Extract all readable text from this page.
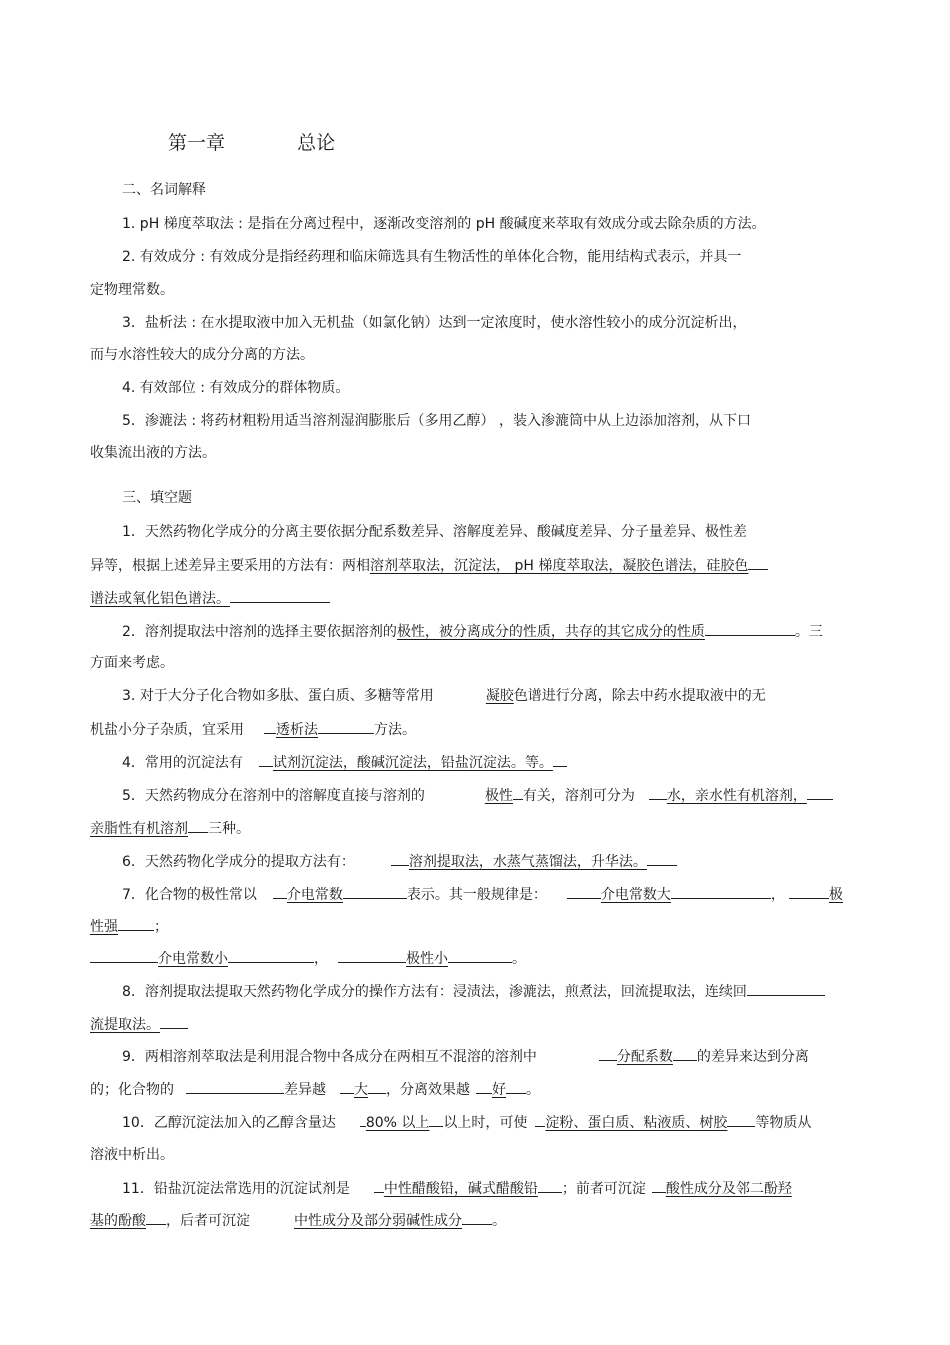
第一章	总论
二、名词解释
1. pH 梯度萃取法 : 是指在分离过程中，逐渐改变溶剂的 pH 酸碱度来萃取有效成分或去除杂质的方法。
2. 有效成分 : 有效成分是指经药理和临床筛选具有生物活性的单体化合物，能用结构式表示，并具一
定物理常数。
3．盐析法 : 在水提取液中加入无机盐（如氯化钠）达到一定浓度时，使水溶性较小的成分沉淀析出，
而与水溶性较大的成分分离的方法。
4. 有效部位 : 有效成分的群体物质。
5．渗漉法 : 将药材粗粉用适当溶剂湿润膨胀后（多用乙醇） ，装入渗漉筒中从上边添加溶剂，从下口
收集流出液的方法。
三、填空题
1．天然药物化学成分的分离主要依据分配系数差异、溶解度差异、酸碱度差异、分子量差异、极性差
异等，根据上述差异主要采用的方法有：两相溶剂萃取法，沉淀法， pH 梯度萃取法，凝胶色谱法，硅胶色
谱法或氧化铝色谱法。
2．溶剂提取法中溶剂的选择主要依据溶剂的极性，被分离成分的性质，共存的其它成分的性质	。三
方面来考虑。
3. 对于大分子化合物如多肽、蛋白质、多糖等常用	凝胶色谱进行分离，除去中药水提取液中的无
机盐小分子杂质，宜采用 透析法	方法。
4．常用的沉淀法有 试剂沉淀法，酸碱沉淀法，铅盐沉淀法。等。
5．天然药物成分在溶剂中的溶解度直接与溶剂的	极性 有关，溶剂可分为 水，亲水性有机溶剂，
亲脂性有机溶剂 三种。
6．天然药物化学成分的提取方法有：	溶剂提取法，水蒸气蒸馏法，升华法。
7．化合物的极性常以 介电常数	表示。其一般规律是：	介电常数大	，	极
性强	；
介电常数小	，	极性小	。
8．溶剂提取法提取天然药物化学成分的操作方法有：浸渍法，渗漉法，煎煮法，回流提取法，连续回
流提取法。
9．两相溶剂萃取法是利用混合物中各成分在两相互不混溶的溶剂中	分配系数 的差异来达到分离
的；化合物的	差异越 大 ，分离效果越 好 。
10．乙醇沉淀法加入的乙醇含量达 80% 以上 以上时，可使 淀粉、蛋白质、粘液质、树胶 等物质从
溶液中析出。
11．铅盐沉淀法常选用的沉淀试剂是 中性醋酸铅，碱式醋酸铅 ；前者可沉淀 酸性成分及邻二酚羟
基的酚酸 ，后者可沉淀	中性成分及部分弱碱性成分 。
